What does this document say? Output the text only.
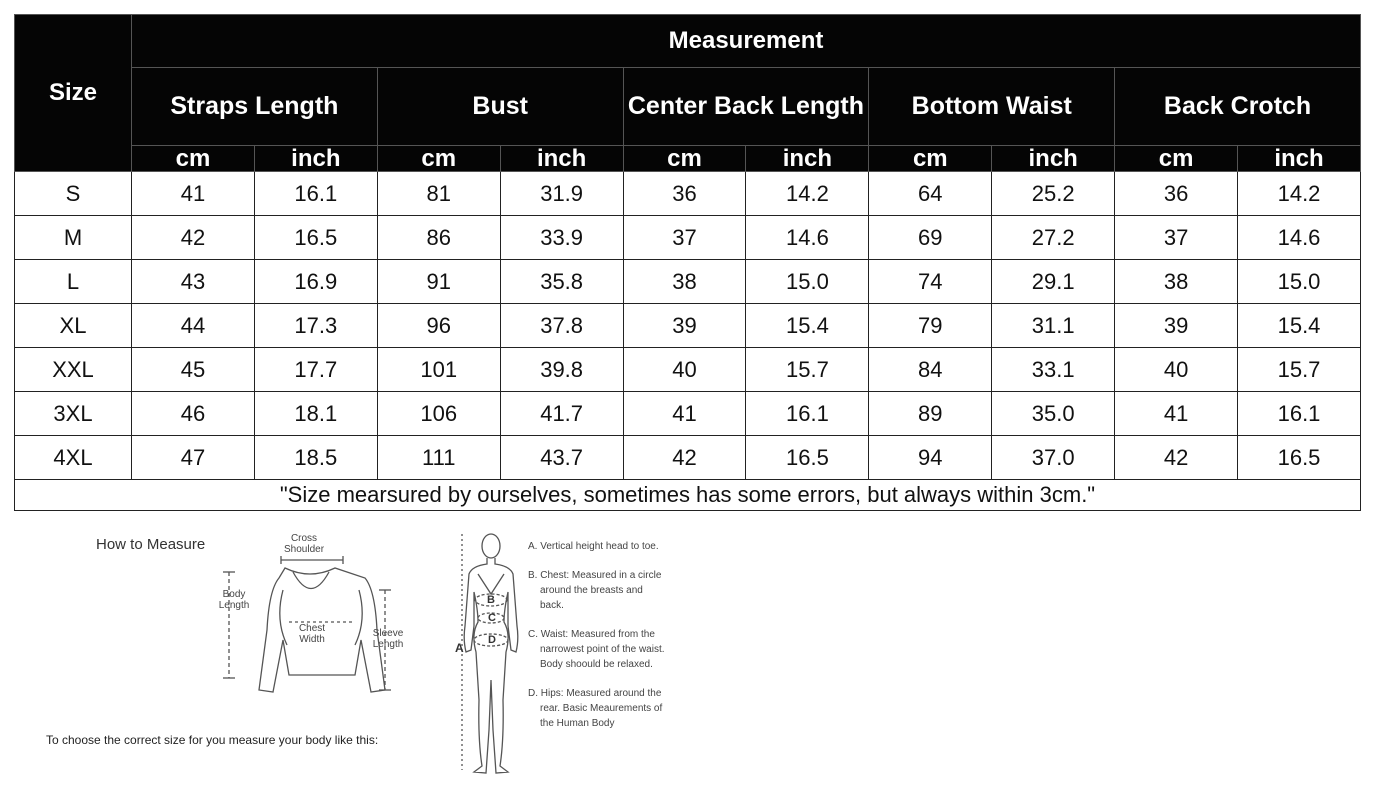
Size	Measurement									
	Straps Length		Bust		Center Back Length		Bottom Waist		Back Crotch	
	cm	inch	cm	inch	cm	inch	cm	inch	cm	inch
S	41	16.1	81	31.9	36	14.2	64	25.2	36	14.2
M	42	16.5	86	33.9	37	14.6	69	27.2	37	14.6
L	43	16.9	91	35.8	38	15.0	74	29.1	38	15.0
XL	44	17.3	96	37.8	39	15.4	79	31.1	39	15.4
XXL	45	17.7	101	39.8	40	15.7	84	33.1	40	15.7
3XL	46	18.1	106	41.7	41	16.1	89	35.0	41	16.1
4XL	47	18.5	111	43.7	42	16.5	94	37.0	42	16.5
"Size mearsured by ourselves, sometimes has some errors, but always within 3cm."										
How to Measure	Cross
Shoulder
Body
Length
Chest
Width
Sleeve
Length
To choose the correct size for you measure your body like this:
A
B
C
D

A. Vertical height head to toe.

B. Chest: Measured in a circle around the breasts and back.

C. Waist: Measured from the narrowest point of the waist. Body shoould be relaxed.

D. Hips: Measured around the rear. Basic Meaurements of the Human Body
